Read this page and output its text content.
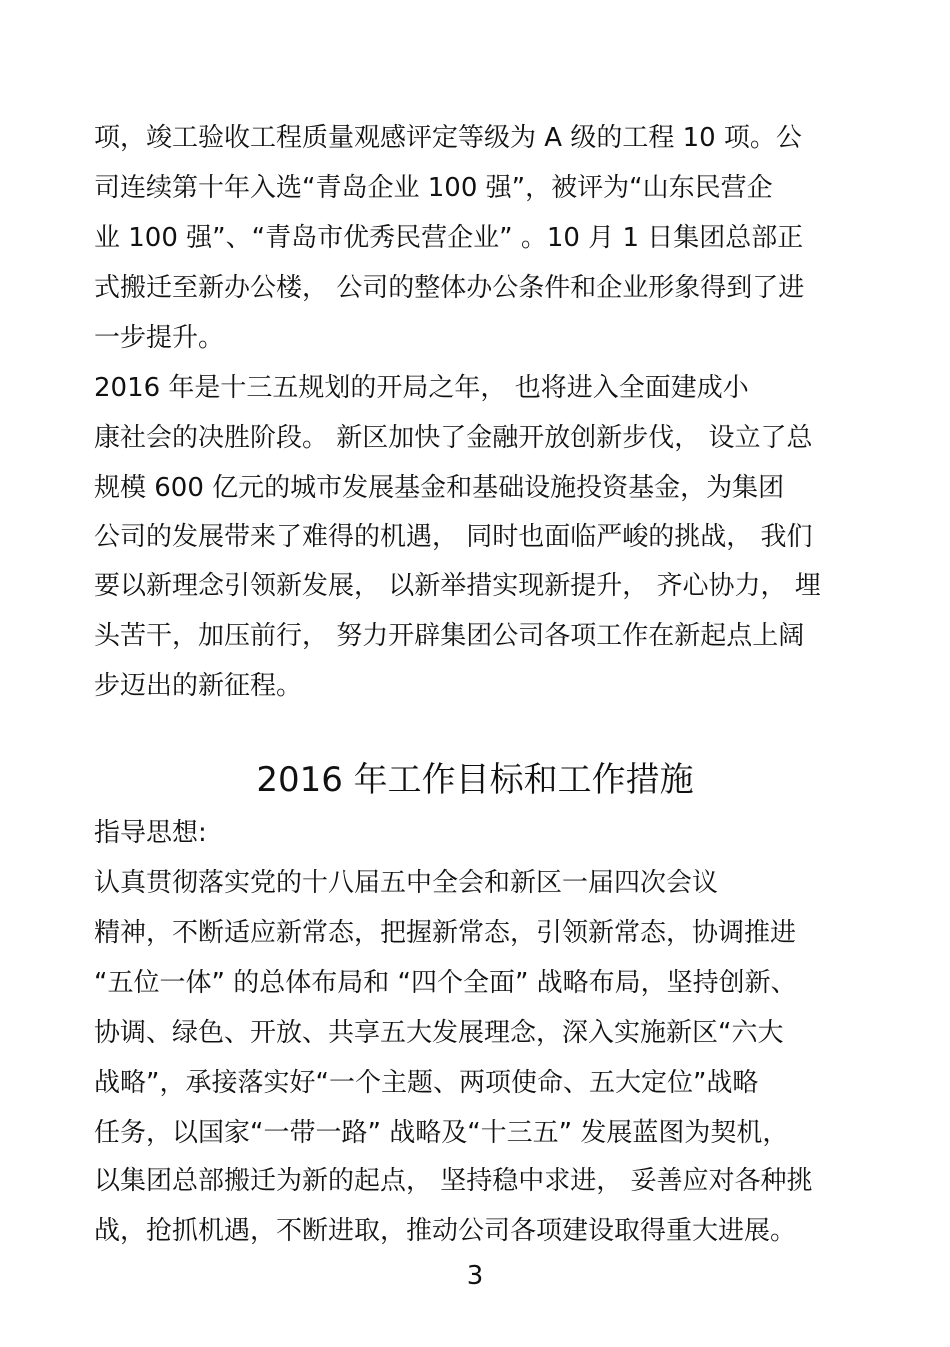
项，竣工验收工程质量观感评定等级为 A 级的工程 10 项。公
司连续第十年入选“青岛企业 100 强”，被评为“山东民营企
业 100 强”、“青岛市优秀民营企业” 。10 月 1 日集团总部正
式搬迁至新办公楼， 公司的整体办公条件和企业形象得到了进
一步提升。
2016 年是十三五规划的开局之年， 也将进入全面建成小
康社会的决胜阶段。 新区加快了金融开放创新步伐， 设立了总
规模 600 亿元的城市发展基金和基础设施投资基金，为集团
公司的发展带来了难得的机遇， 同时也面临严峻的挑战， 我们
要以新理念引领新发展， 以新举措实现新提升， 齐心协力， 埋
头苦干，加压前行， 努力开辟集团公司各项工作在新起点上阔
步迈出的新征程。
2016 年工作目标和工作措施
指导思想:
认真贯彻落实党的十八届五中全会和新区一届四次会议
精神，不断适应新常态，把握新常态，引领新常态，协调推进
“五位一体” 的总体布局和 “四个全面” 战略布局，坚持创新、
协调、绿色、开放、共享五大发展理念，深入实施新区“六大
战略”，承接落实好“一个主题、两项使命、五大定位”战略
任务，以国家“一带一路” 战略及“十三五” 发展蓝图为契机，
以集团总部搬迁为新的起点， 坚持稳中求进， 妥善应对各种挑
战，抢抓机遇，不断进取，推动公司各项建设取得重大进展。
3
